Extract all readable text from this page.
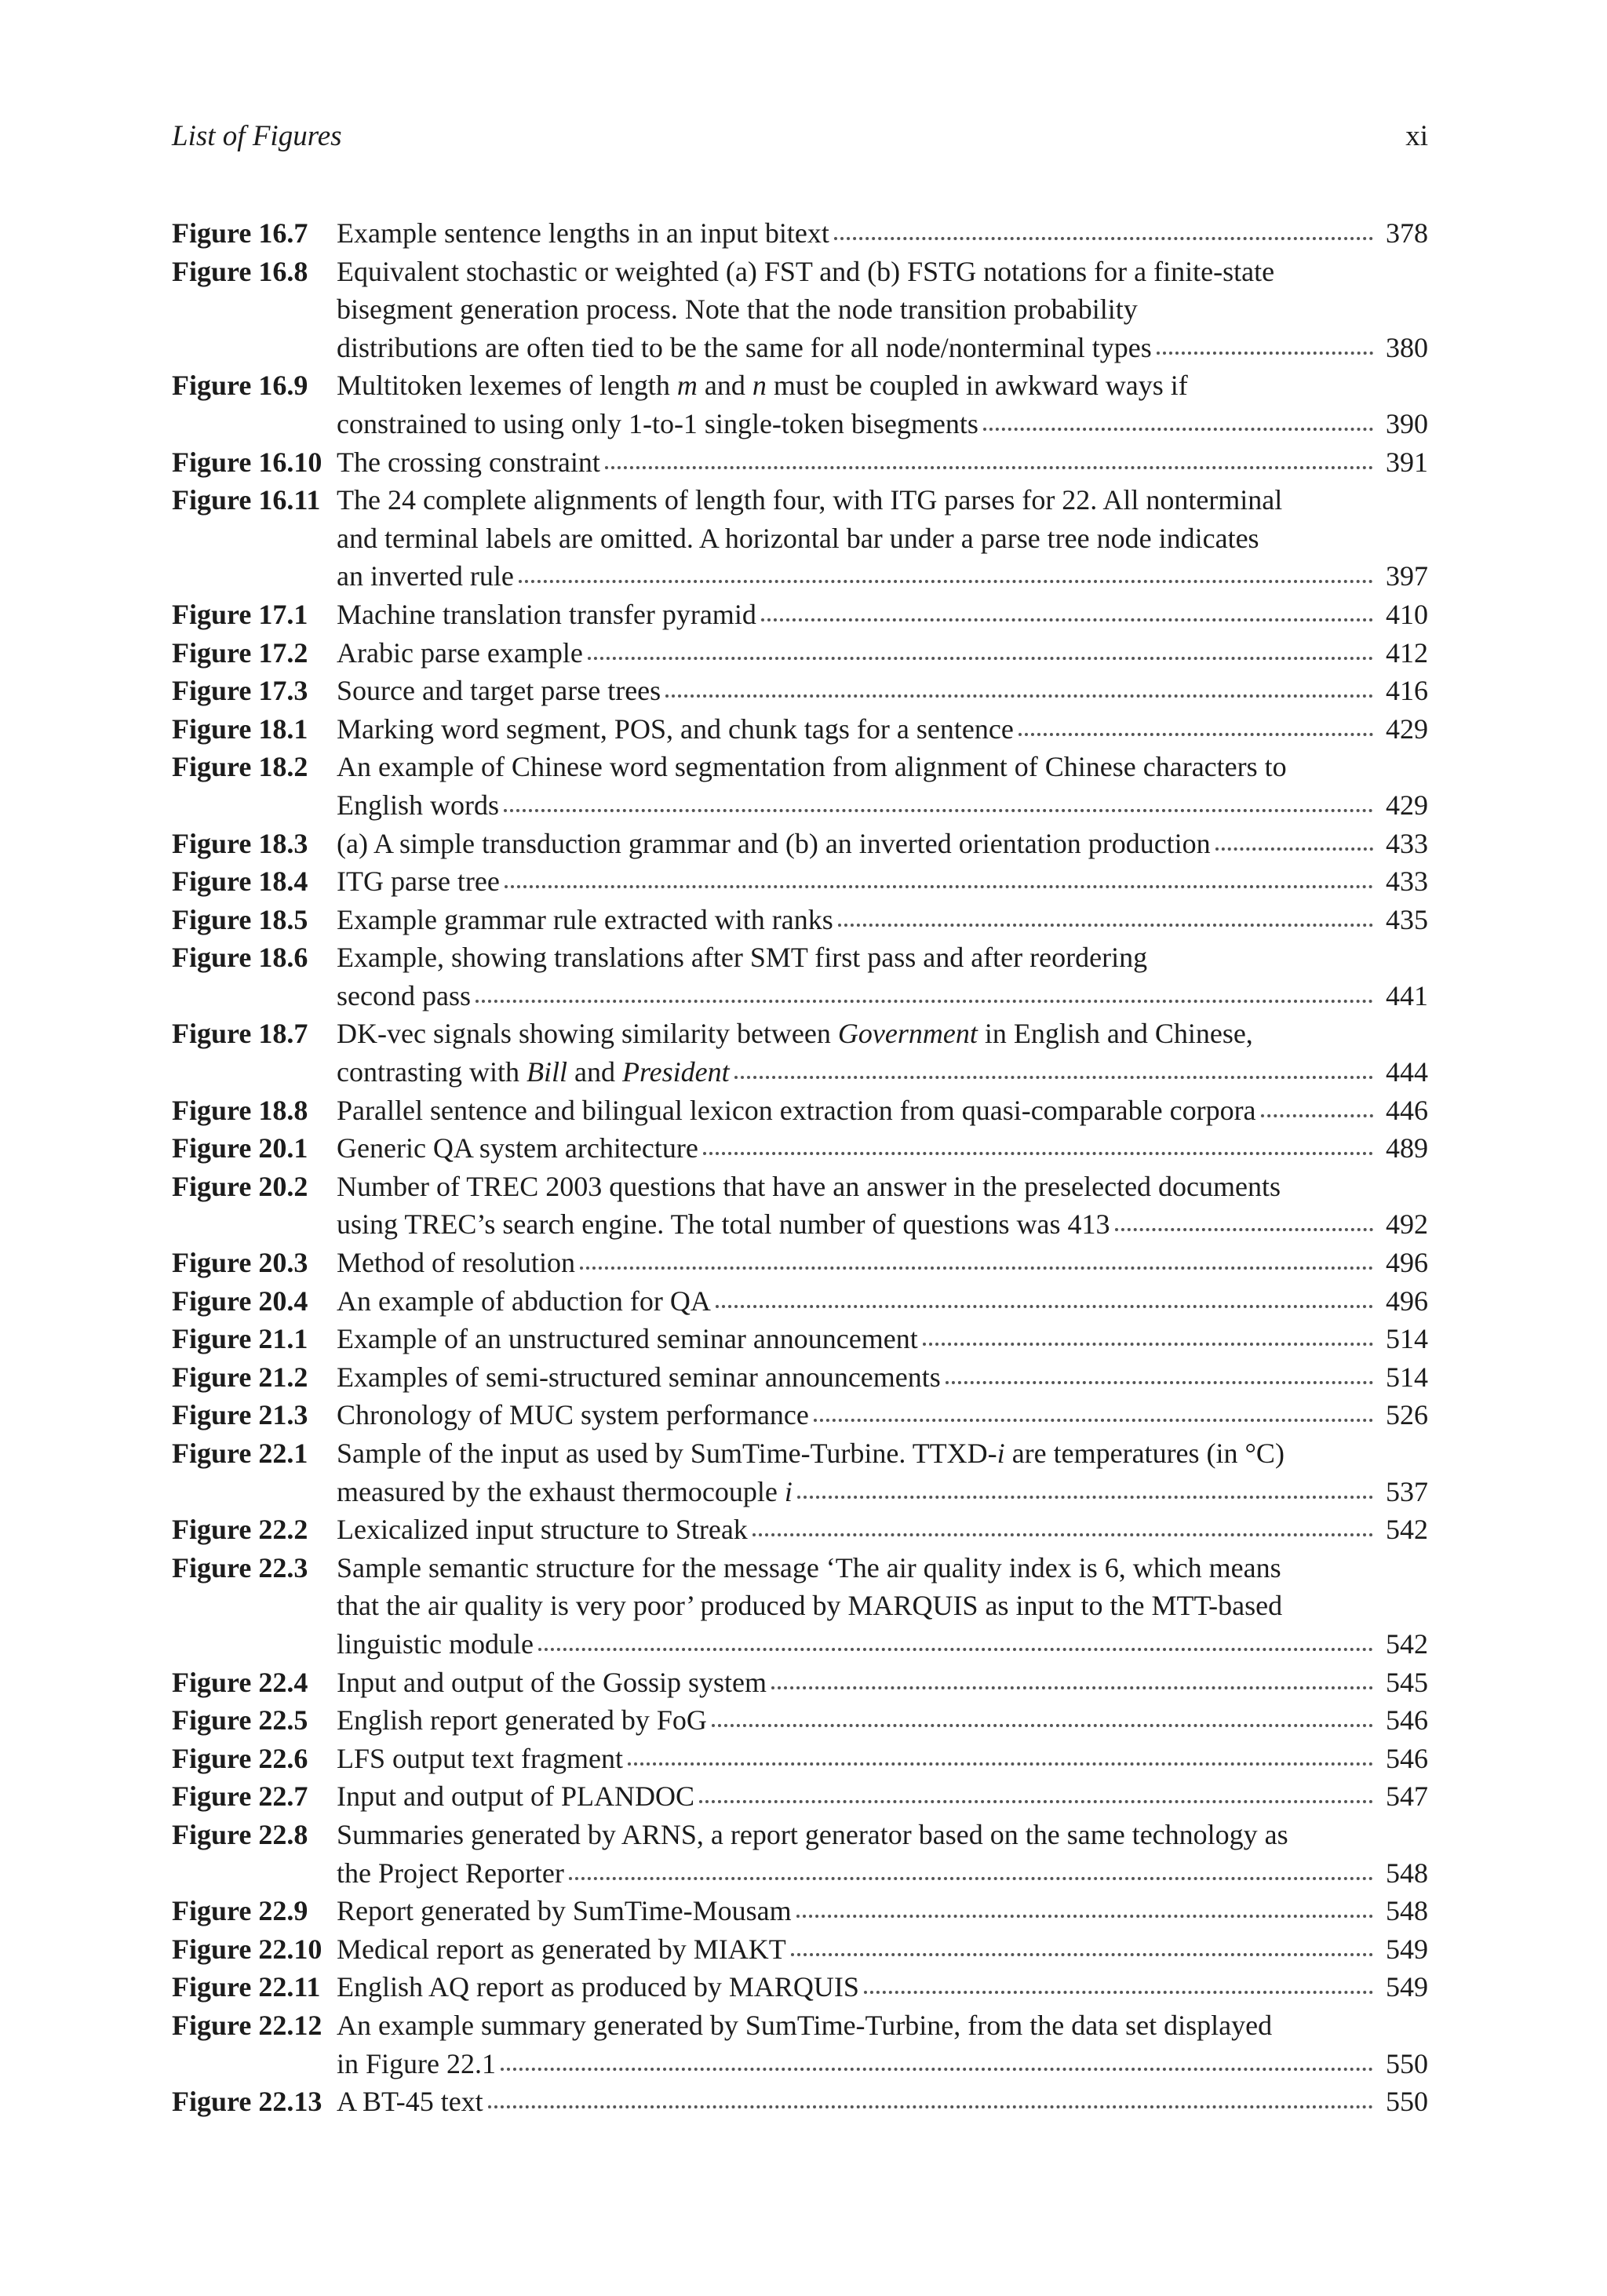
List of Figures	xi
Figure 16.7	Example sentence lengths in an input bitext	378
Figure 16.8	Equivalent stochastic or weighted (a) FST and (b) FSTG notations for a finite-state
bisegment generation process. Note that the node transition probability
distributions are often tied to be the same for all node/nonterminal types	380
Figure 16.9	Multitoken lexemes of length m and n must be coupled in awkward ways if
constrained to using only 1-to-1 single-token bisegments	390
Figure 16.10 The crossing constraint	391
Figure 16.11 The 24 complete alignments of length four, with ITG parses for 22. All nonterminal
and terminal labels are omitted. A horizontal bar under a parse tree node indicates
an inverted rule	397
Figure 17.1	Machine translation transfer pyramid	410
Figure 17.2	Arabic parse example	412
Figure 17.3	Source and target parse trees	416
Figure 18.1	Marking word segment, POS, and chunk tags for a sentence	429
Figure 18.2	An example of Chinese word segmentation from alignment of Chinese characters to
English words	429
Figure 18.3	(a) A simple transduction grammar and (b) an inverted orientation production	433
Figure 18.4	ITG parse tree	433
Figure 18.5	Example grammar rule extracted with ranks	435
Figure 18.6	Example, showing translations after SMT first pass and after reordering
second pass	441
Figure 18.7	DK-vec signals showing similarity between Government in English and Chinese,
contrasting with Bill and President	444
Figure 18.8	Parallel sentence and bilingual lexicon extraction from quasi-comparable corpora	446
Figure 20.1	Generic QA system architecture	489
Figure 20.2	Number of TREC 2003 questions that have an answer in the preselected documents
using TREC’s search engine. The total number of questions was 413	492
Figure 20.3	Method of resolution	496
Figure 20.4	An example of abduction for QA	496
Figure 21.1	Example of an unstructured seminar announcement	514
Figure 21.2	Examples of semi-structured seminar announcements	514
Figure 21.3	Chronology of MUC system performance	526
Figure 22.1	Sample of the input as used by SumTime-Turbine. TTXD-i are temperatures (in °C)
measured by the exhaust thermocouple i	537
Figure 22.2	Lexicalized input structure to Streak	542
Figure 22.3	Sample semantic structure for the message ‘The air quality index is 6, which means
that the air quality is very poor’ produced by MARQUIS as input to the MTT-based
linguistic module	542
Figure 22.4	Input and output of the Gossip system	545
Figure 22.5	English report generated by FoG	546
Figure 22.6	LFS output text fragment	546
Figure 22.7	Input and output of PLANDOC	547
Figure 22.8	Summaries generated by ARNS, a report generator based on the same technology as
the Project Reporter	548
Figure 22.9	Report generated by SumTime-Mousam	548
Figure 22.10 Medical report as generated by MIAKT	549
Figure 22.11 English AQ report as produced by MARQUIS	549
Figure 22.12 An example summary generated by SumTime-Turbine, from the data set displayed
in Figure 22.1	550
Figure 22.13 A BT-45 text	550
